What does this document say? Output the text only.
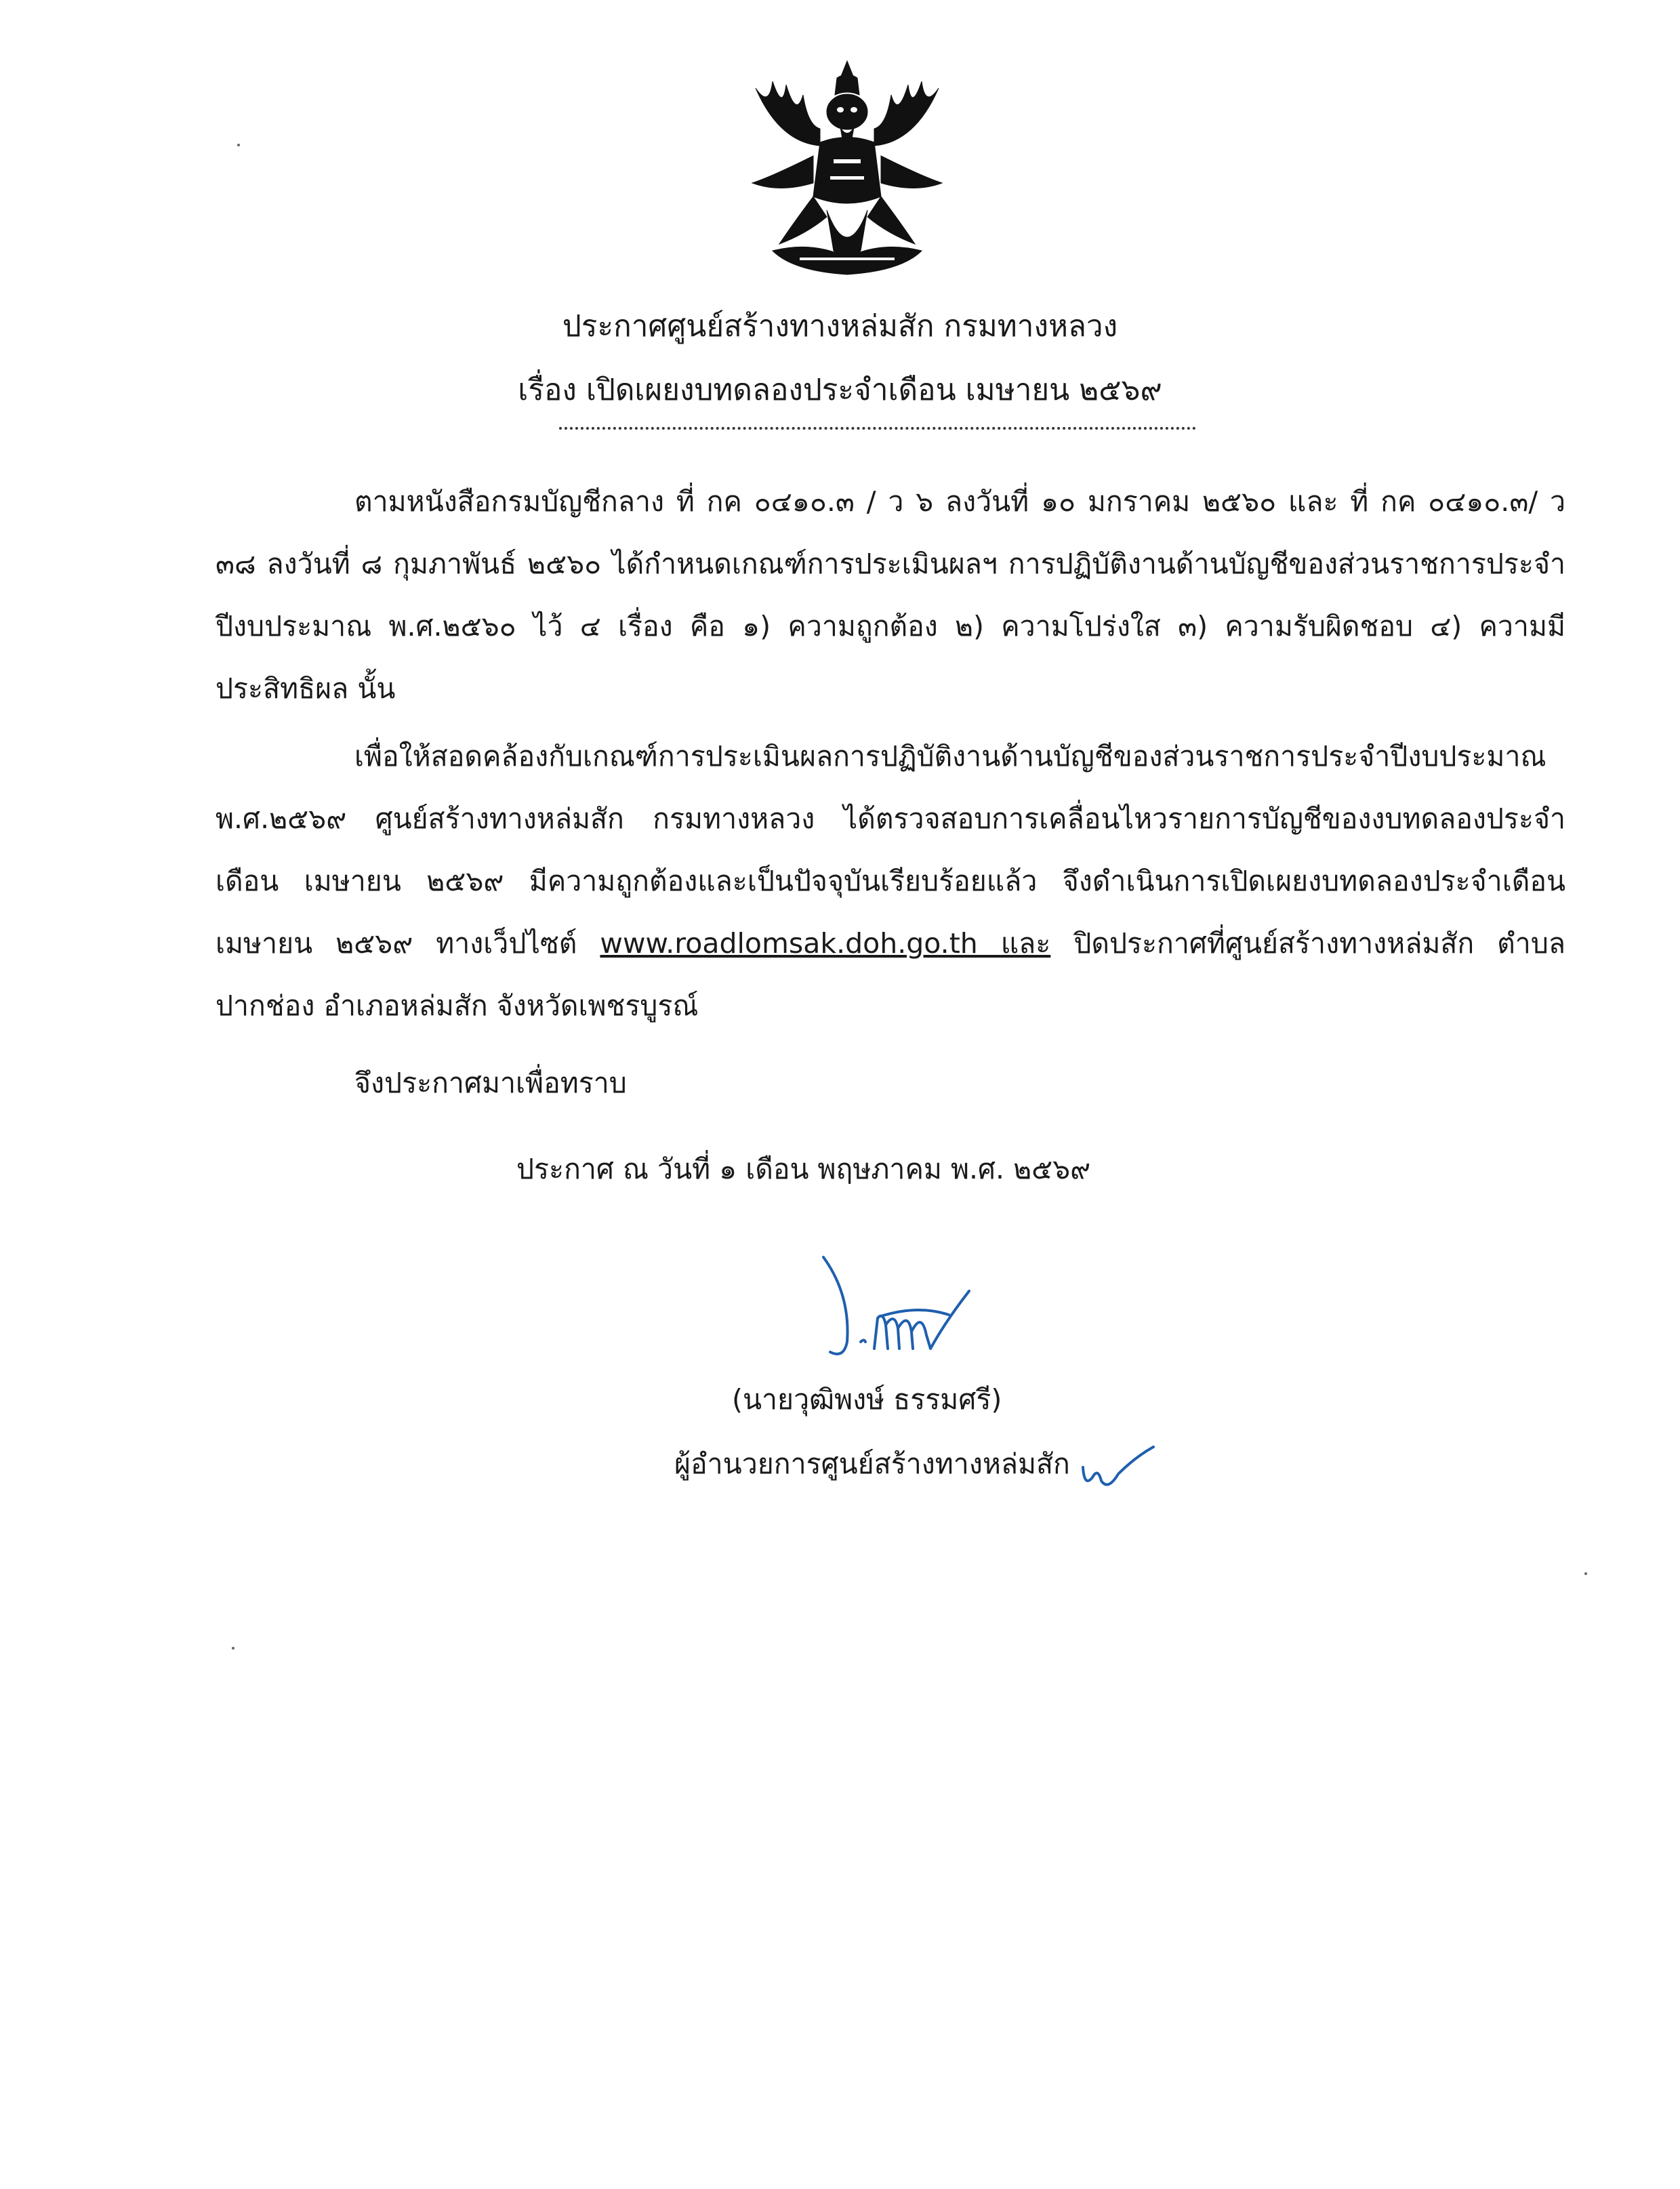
ประกาศศูนย์สร้างทางหล่มสัก กรมทางหลวง
เรื่อง เปิดเผยงบทดลองประจำเดือน เมษายน ๒๕๖๙
ตามหนังสือกรมบัญชีกลาง ที่ กค ๐๔๑๐.๓ / ว ๖ ลงวันที่ ๑๐ มกราคม ๒๕๖๐ และ ที่ กค ๐๔๑๐.๓/ ว ๓๘ ลงวันที่ ๘ กุมภาพันธ์ ๒๕๖๐ ได้กำหนดเกณฑ์การประเมินผลฯ การปฏิบัติงานด้านบัญชีของส่วนราชการประจำปีงบประมาณ พ.ศ.๒๕๖๐ ไว้ ๔ เรื่อง คือ ๑) ความถูกต้อง ๒) ความโปร่งใส ๓) ความรับผิดชอบ ๔) ความมีประสิทธิผล นั้น
เพื่อให้สอดคล้องกับเกณฑ์การประเมินผลการปฏิบัติงานด้านบัญชีของส่วนราชการประจำปีงบประมาณ พ.ศ.๒๕๖๙ ศูนย์สร้างทางหล่มสัก กรมทางหลวง ได้ตรวจสอบการเคลื่อนไหวรายการบัญชีของงบทดลองประจำเดือน เมษายน ๒๕๖๙ มีความถูกต้องและเป็นปัจจุบันเรียบร้อยแล้ว จึงดำเนินการเปิดเผยงบทดลองประจำเดือน เมษายน ๒๕๖๙ ทางเว็ปไซต์ www.roadlomsak.doh.go.th และ ปิดประกาศที่ศูนย์สร้างทางหล่มสัก ตำบลปากช่อง อำเภอหล่มสัก จังหวัดเพชรบูรณ์
จึงประกาศมาเพื่อทราบ
ประกาศ ณ วันที่ ๑ เดือน พฤษภาคม พ.ศ. ๒๕๖๙
(นายวุฒิพงษ์ ธรรมศรี)
ผู้อำนวยการศูนย์สร้างทางหล่มสัก
